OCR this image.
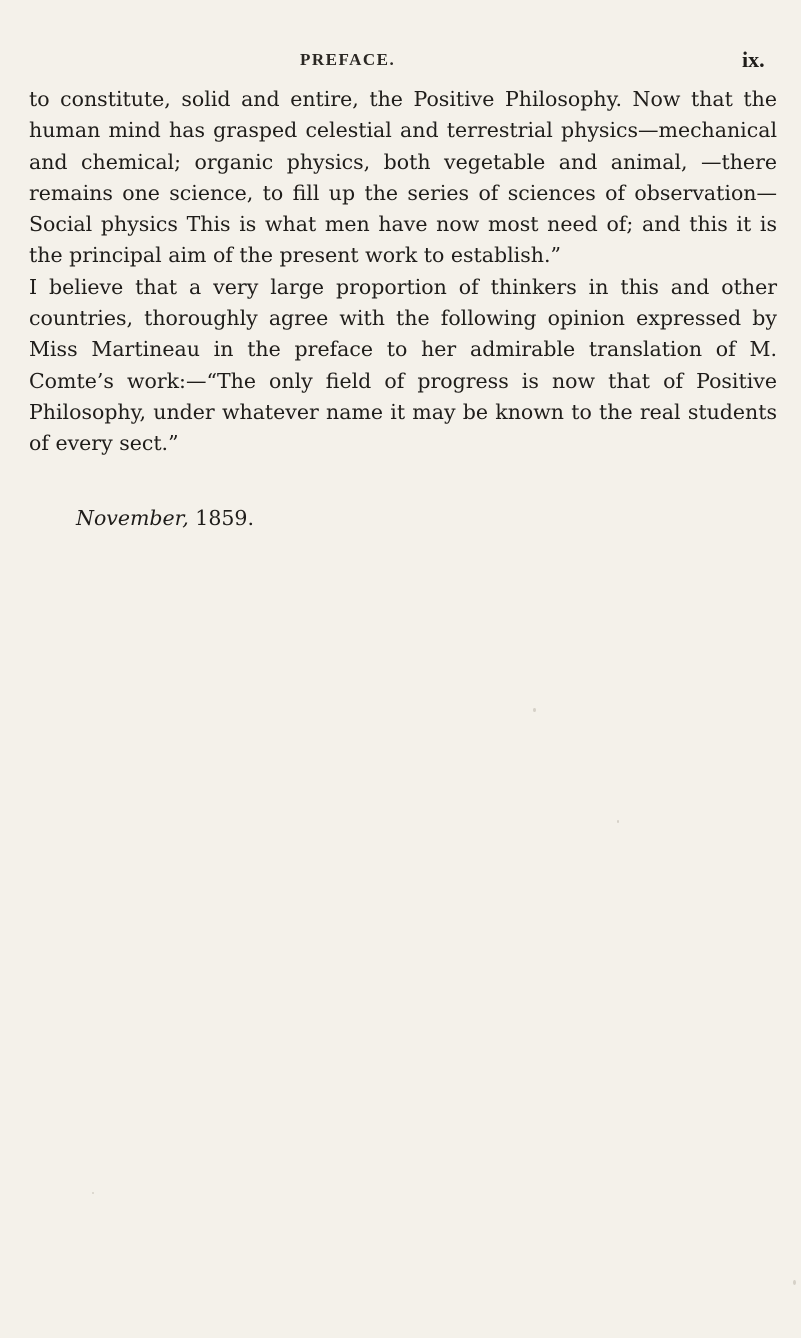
PREFACE.	ix.

to constitute, solid and entire, the Positive Philosophy. Now that the human mind has grasped celestial and terrestrial physics—mechanical and chemical; organic physics, both vegetable and animal, —there remains one science, to fill up the series of sciences of observation—Social physics This is what men have now most need of; and this it is the principal aim of the present work to establish.”

I believe that a very large proportion of thinkers in this and other countries, thoroughly agree with the following opinion expressed by Miss Martineau in the preface to her admirable translation of M. Comte’s work:—“The only field of progress is now that of Positive Philosophy, under whatever name it may be known to the real students of every sect.”

November, 1859.
